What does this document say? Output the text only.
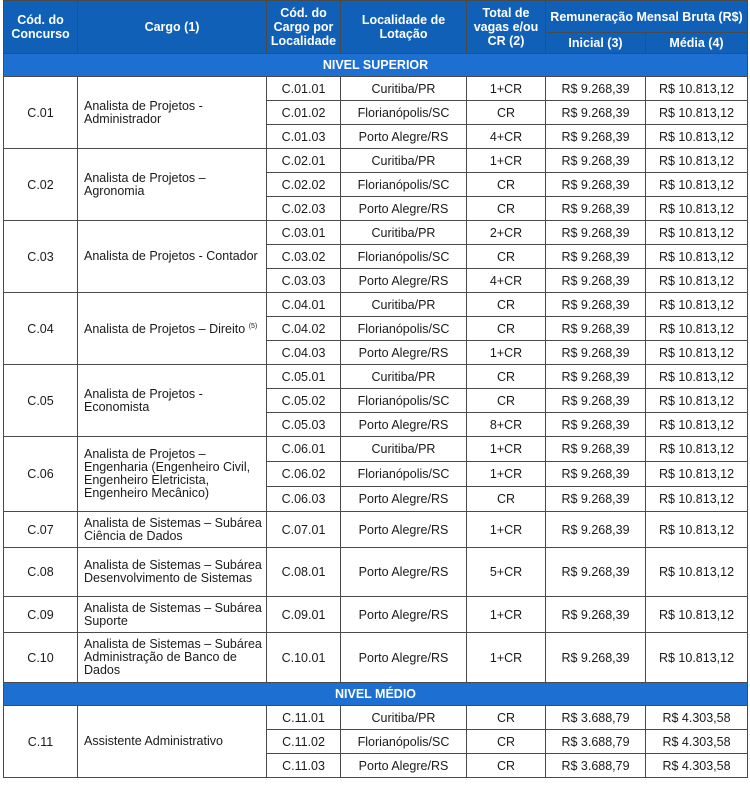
Cód. do Concurso	Cargo (1)	Cód. do Cargo por Localidade	Localidade de Lotação	Total de vagas e/ou CR (2)	Remuneração Mensal Bruta (R$)	
					Inicial (3)	Média (4)
NIVEL SUPERIOR						
C.01	Analista de Projetos - Administrador	C.01.01	Curitiba/PR	1+CR	R$ 9.268,39	R$ 10.813,12
		C.01.02	Florianópolis/SC	CR	R$ 9.268,39	R$ 10.813,12
		C.01.03	Porto Alegre/RS	4+CR	R$ 9.268,39	R$ 10.813,12
C.02	Analista de Projetos – Agronomia	C.02.01	Curitiba/PR	1+CR	R$ 9.268,39	R$ 10.813,12
		C.02.02	Florianópolis/SC	CR	R$ 9.268,39	R$ 10.813,12
		C.02.03	Porto Alegre/RS	CR	R$ 9.268,39	R$ 10.813,12
C.03	Analista de Projetos - Contador	C.03.01	Curitiba/PR	2+CR	R$ 9.268,39	R$ 10.813,12
		C.03.02	Florianópolis/SC	CR	R$ 9.268,39	R$ 10.813,12
		C.03.03	Porto Alegre/RS	4+CR	R$ 9.268,39	R$ 10.813,12
C.04	Analista de Projetos – Direito $^{(5)}$	C.04.01	Curitiba/PR	CR	R$ 9.268,39	R$ 10.813,12
		C.04.02	Florianópolis/SC	CR	R$ 9.268,39	R$ 10.813,12
		C.04.03	Porto Alegre/RS	1+CR	R$ 9.268,39	R$ 10.813,12
C.05	Analista de Projetos - Economista	C.05.01	Curitiba/PR	CR	R$ 9.268,39	R$ 10.813,12
		C.05.02	Florianópolis/SC	CR	R$ 9.268,39	R$ 10.813,12
		C.05.03	Porto Alegre/RS	8+CR	R$ 9.268,39	R$ 10.813,12
C.06	Analista de Projetos – Engenharia (Engenheiro Civil, Engenheiro Eletricista, Engenheiro Mecânico)	C.06.01	Curitiba/PR	1+CR	R$ 9.268,39	R$ 10.813,12
		C.06.02	Florianópolis/SC	1+CR	R$ 9.268,39	R$ 10.813,12
		C.06.03	Porto Alegre/RS	CR	R$ 9.268,39	R$ 10.813,12
C.07	Analista de Sistemas – Subárea Ciência de Dados	C.07.01	Porto Alegre/RS	1+CR	R$ 9.268,39	R$ 10.813,12
C.08	Analista de Sistemas – Subárea Desenvolvimento de Sistemas	C.08.01	Porto Alegre/RS	5+CR	R$ 9.268,39	R$ 10.813,12
C.09	Analista de Sistemas – Subárea Suporte	C.09.01	Porto Alegre/RS	1+CR	R$ 9.268,39	R$ 10.813,12
C.10	Analista de Sistemas – Subárea Administração de Banco de Dados	C.10.01	Porto Alegre/RS	1+CR	R$ 9.268,39	R$ 10.813,12
NIVEL MÉDIO						
C.11	Assistente Administrativo	C.11.01	Curitiba/PR	CR	R$ 3.688,79	R$ 4.303,58
		C.11.02	Florianópolis/SC	CR	R$ 3.688,79	R$ 4.303,58
		C.11.03	Porto Alegre/RS	CR	R$ 3.688,79	R$ 4.303,58
